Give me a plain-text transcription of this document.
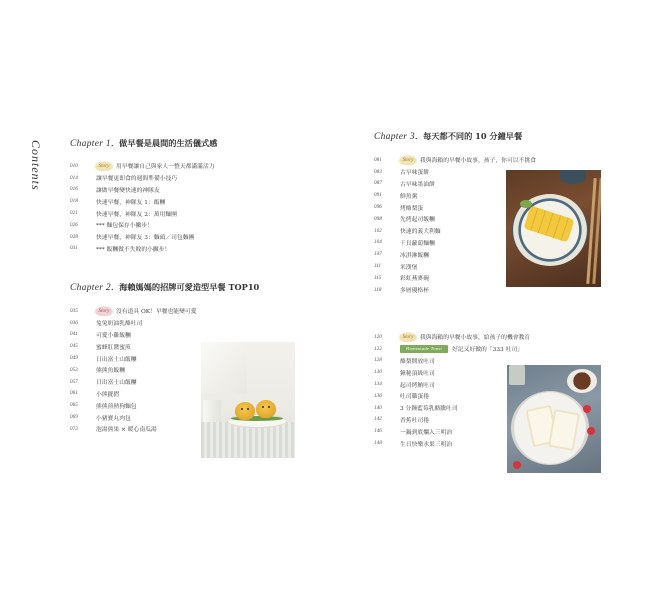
Contents	Chapter 1．做早餐是晨間的生活儀式感
010	Story	用早餐讓自己與家人一整天都滿滿活力
014	讓早餐更即食的週間準備小技巧
016	讓做早餐變快速的神隊友
018	快速早餐，神隊友 1：飯糰
021	快速早餐，神隊友 2：萬用麵團
026	*** 麵包保存小撇步！
028	快速早餐，神隊友 3：麵頭／司包麵團
031	*** 飯糰做不失敗的小撇步！
Chapter 2．海賴媽媽的招牌可愛造型早餐 TOP10
035	Story	沒有道具 OK！早餐也能變可愛
036	兔兔奶油乳酪吐司
041	可愛小雞飯糰
045	蜜蜂肛醬蜜煎
049	日出富士山飯糰
053	熊熊魚飯糰
057	日出富士山飯糰
061	小熊擺摺
065	熊熊煎熱狗麵包
069	小豬寶丸肉包
073	泡湯熊果 × 暖心南瓜湯
Chapter 3．每天都不同的 10 分鐘早餐
081	Story	我與海賴的早餐小故事，孩子，你可以不挑食
083	古早味蛋餅
087	古早味墨油餅
091	鮮魚粥
096	烤酪梨蛋
098	先烤起司飯糰
102	快速的義大利麵
104	干貝蘿蔔麵糰
107	冰淇淋飯糰
111	米漢堡
115	彩虹燕麥碗
118	多層優格杯
120	Story	我與海賴的早餐小故事，給孩子的機會教育
122	Homemade Toast	好記又好做的「333 吐司」
128	酪梨開放吐司
130	鐘秘頂級吐司
134	起司烤鮪吐司
136	吐司雞蛋捲
140	3 分鐘藍莓乳酪騰吐司
142	香蕉吐司捲
146	一鍋到底爛入三明治
148	生日快樂水果三明治
